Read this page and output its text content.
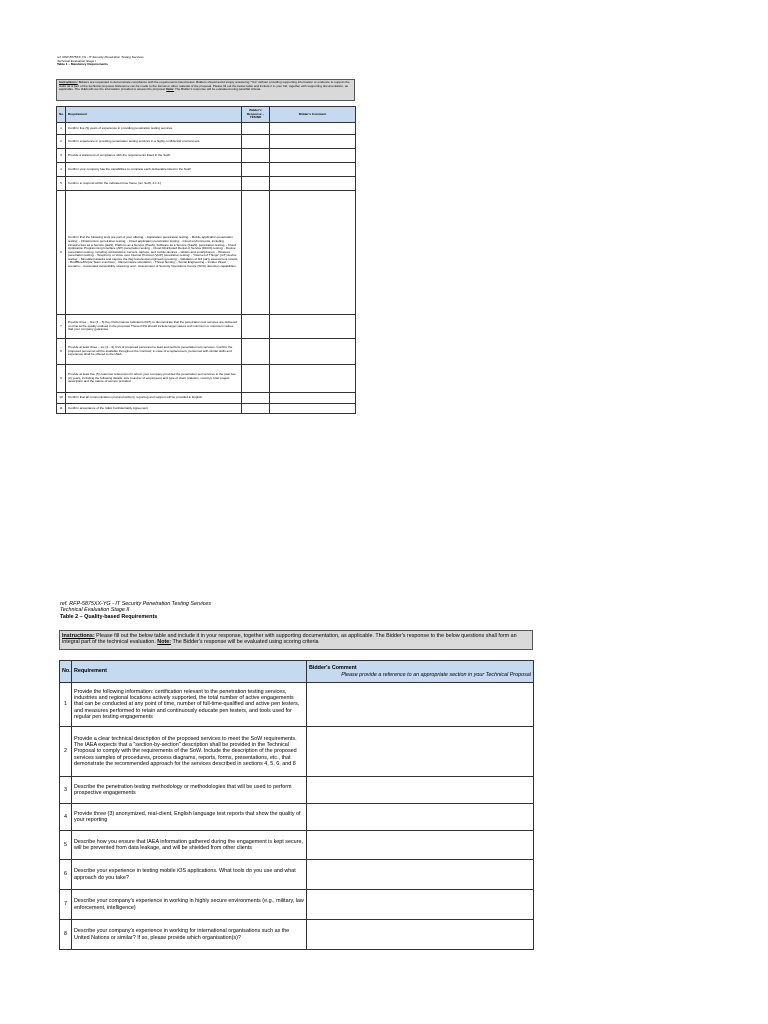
ref. RFP-5875XX-YG - IT Security Penetration Testing Services
Technical Evaluation Stage I
Table 1 – Mandatory Requirements
Instructions: Bidders are requested to demonstrate compliance with the requirements listed below. Bidders should avoid simply answering "Yes" without providing supporting information or evidence to support the claim as a part of the technical proposal. Reference can be made to the format or other material of the proposal. Please fill out the below table and include it in your bid, together with supporting documentation, as applicable. The IAEA will use the information provided to assess the proposal. Note: The Bidder's response will be evaluated using pass/fail criteria.
No.	Requirement	Bidder's Response – YES/NO	Bidder's Comment
1	Confirm five (5) years of experience in providing penetration testing services.		
2	Confirm experience in providing penetration testing services in a highly confidential environment.		
3	Provide a statement of compliance with the requirements listed in the SoW.		
4	Confirm your company has the capabilities to complete each deliverable listed in the SoW.		
5	Confirm to respond within the indicated time frame (ref. SoW, 3.1.3.)		
6	Confirm that the following tests are part of your offering: - Application penetration testing; - Mobile application penetration testing; - Infrastructure penetration testing; - Cloud application penetration testing; - Cloud environments, including infrastructure as a Service (IaaS), Platform as a Service (PaaS), Software as a Service (SaaS), penetration testing; - Cloud Application Programming Interface (API) penetration testing; - Cloud Distributed Denial of Service (DDoS) testing; - Device penetration testing, including workstations, servers, laptops, and mobile devices – tablets and smartphones; - Wireless penetration testing; - Telephony or Voice over Internet Protocol (VoIP) penetration testing; - "Internet of Things" (IoT) device testing; - Simulated attacks and capture the flag tests/social engineering testing; - Validation of 3rd party assessment results; - Red/Blue/Purple Team exercises; - Ransomware simulation; - Threat hunting; - Social Engineering – Insider threat scenario; - Automated vulnerability scanning; and - Assessment of Security Operations Centre (SOC) detection capabilities.		
7	Provide three – five (3 – 5) Key Performance Indicators (KPI) to demonstrate that the penetration test services are delivered on time at the quality outlined in the proposal. These KPIs should include target values and minimum or maximum values that your company guarantee.		
8	Provide at least three – six (3 – 6) CVs of proposed personnel to lead and perform penetration test services. Confirm the proposed personnel will be available throughout the Contract; in case of a replacement, personnel with similar skills and experience shall be offered to the IAEA.		
9	Provide at least five (5) customer references for whom your company provided the penetration test services in the past two (2) years, including the following details: size (number of employees) and type of client (industry, country), brief project description and the nature of service provided.		
10	Confirm that all communication (oral and written), reporting and support will be provided in English.		
11	Confirm acceptance of the IAEA Confidentiality Agreement		
ref. RFP-5875XX-YG - IT Security Penetration Testing Services
Technical Evaluation Stage II
Table 2 – Quality-based Requirements
Instructions: Please fill out the below table and include it in your response, together with supporting documentation, as applicable. The Bidder's response to the below questions shall form an integral part of the technical evaluation. Note: The Bidder's response will be evaluated using scoring criteria
No.	Requirement	Bidder's Comment
Please provide a reference to an appropriate section in your Technical Proposal

1	Provide the following information: certification relevant to the penetration testing services, industries and regional locations actively supported, the total number of active engagements that can be conducted at any point of time, number of full-time-qualified and active pen testers, and measures performed to retain and continuously educate pen testers, and tools used for regular pen testing engagements	
2	Provide a clear technical description of the proposed services to meet the SoW requirements. The IAEA expects that a "section-by-section" description shall be provided in the Technical Proposal to comply with the requirements of the SoW. Include the description of the proposed services samples of procedures, process diagrams, reports, forms, presentations, etc., that demonstrate the recommended approach for the services described in sections 4, 5, 6, and 8	
3	Describe the penetration testing methodology or methodologies that will be used to perform prospective engagements	
4	Provide three (3) anonymized, real-client, English language test reports that show the quality of your reporting	
5	Describe how you ensure that IAEA information gathered during the engagement is kept secure, will be prevented from data leakage, and will be shielded from other clients	
6	Describe your experience in testing mobile iOS applications. What tools do you use and what approach do you take?	
7	Describe your company's experience in working in highly secure environments (e.g., military, law enforcement, intelligence)	
8	Describe your company's experience in working for international organisations such as the United Nations or similar? If so, please provide which organisation(s)?	
